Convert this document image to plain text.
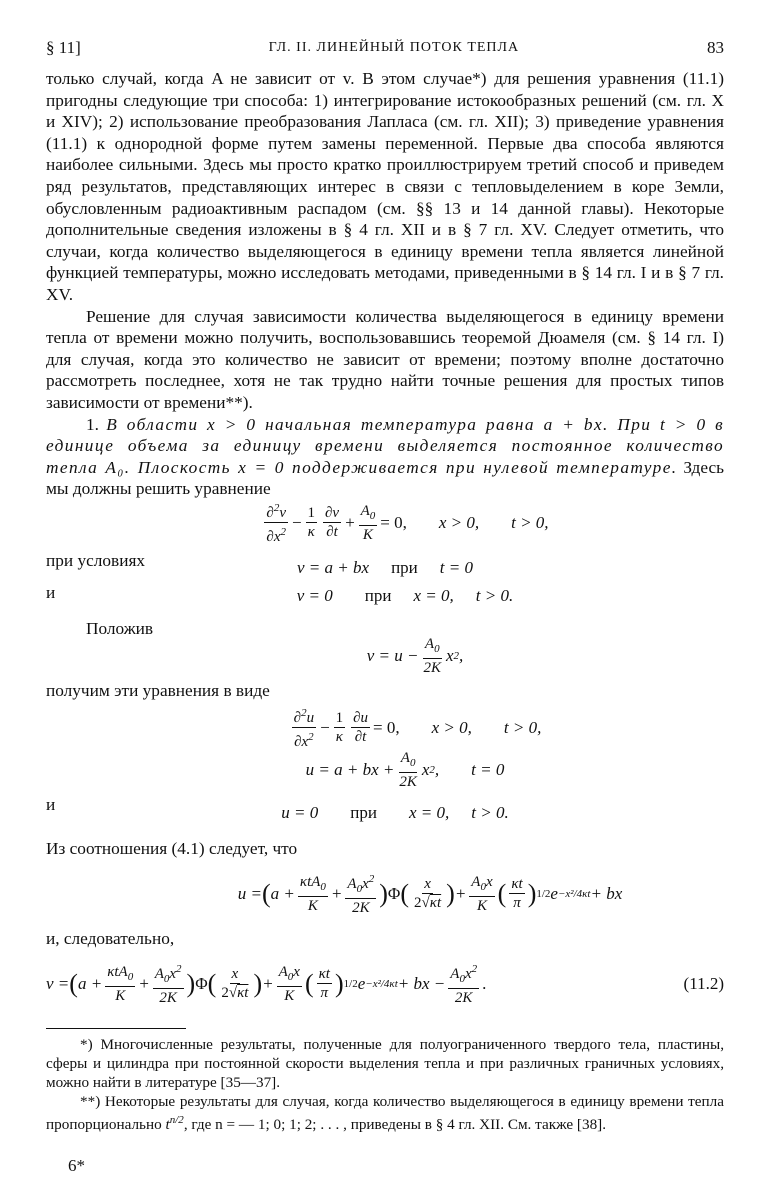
§ 11]	ГЛ. II. ЛИНЕЙНЫЙ ПОТОК ТЕПЛА	83

только случай, когда A не зависит от v. В этом случае*) для решения уравнения (11.1) пригодны следующие три способа: 1) интегрирование истокообразных решений (см. гл. X и XIV); 2) использование преобразования Лапласа (см. гл. XII); 3) приведение уравнения (11.1) к однородной форме путем замены переменной. Первые два способа являются наиболее сильными. Здесь мы просто кратко проиллюстрируем третий способ и приведем ряд результатов, представляющих интерес в связи с тепловыделением в коре Земли, обусловленным радиоактивным распадом (см. §§ 13 и 14 данной главы). Некоторые дополнительные сведения изложены в § 4 гл. XII и в § 7 гл. XV. Следует отметить, что случаи, когда количество выделяющегося в единицу времени тепла является линейной функцией температуры, можно исследовать методами, приведенными в § 14 гл. I и в § 7 гл. XV.

Решение для случая зависимости количества выделяющегося в единицу времени тепла от времени можно получить, воспользовавшись теоремой Дюамеля (см. § 14 гл. I) для случая, когда это количество не зависит от времени; поэтому вполне достаточно рассмотреть последнее, хотя не так трудно найти точные решения для простых типов зависимости от времени**).

1. В области x > 0 начальная температура равна a + bx. При t > 0 в единице объема за единицу времени выделяется постоянное количество тепла A₀. Плоскость x = 0 поддерживается при нулевой температуре. Здесь мы должны решить уравнение

$\frac{\partial^2v}{\partial x^2} - \frac{1}{\kappa} \frac{\partial v}{\partial t} + \frac{A_0}{K} = 0$, x > 0, t > 0,
при условиях	v = a + bx при t = 0
и	v = 0 при x = 0, t > 0.
Положив
$v = u - \frac{A_0}{2K}$ x 2 ,
получим эти уравнения в виде
$\frac{\partial^2u}{\partial x^2} - \frac{1}{\kappa} \frac{\partial u}{\partial t} = 0$, x > 0, t > 0,
u = a + bx + $\frac{A_0}{2K}$ x 2 , t = 0
и	u = 0 при x = 0, t > 0.
Из соотношения (4.1) следует, что
u = ( $a + \frac{\kappa tA_0}{K} + \frac{A_0x^2}{2K}$ ) Φ ( $\frac{x}{2√\kappa t}$ ) + $\frac{A_0x}{K}$ ( $\frac{\kappa t}{\pi}$ ) 1/2 e −x²/4κt + bx
и, следовательно,
v = ( $a + \frac{\kappa tA_0}{K} + \frac{A_0x^2}{2K}$ ) Φ ( $\frac{x}{2√\kappa t}$ ) + $\frac{A_0x}{K}$ ( $\frac{\kappa t}{\pi}$ ) 1/2 e −x²/4κt + bx − $\frac{A_0x^2}{2K}$ .	(11.2)

*) Многочисленные результаты, полученные для полуограниченного твердого тела, пластины, сферы и цилиндра при постоянной скорости выделения тепла и при различных граничных условиях, можно найти в литературе [35—37].

**) Некоторые результаты для случая, когда количество выделяющегося в единицу времени тепла пропорционально $t^{n/2}$, где n = — 1; 0; 1; 2; . . . , приведены в § 4 гл. XII. См. также [38].

6*
